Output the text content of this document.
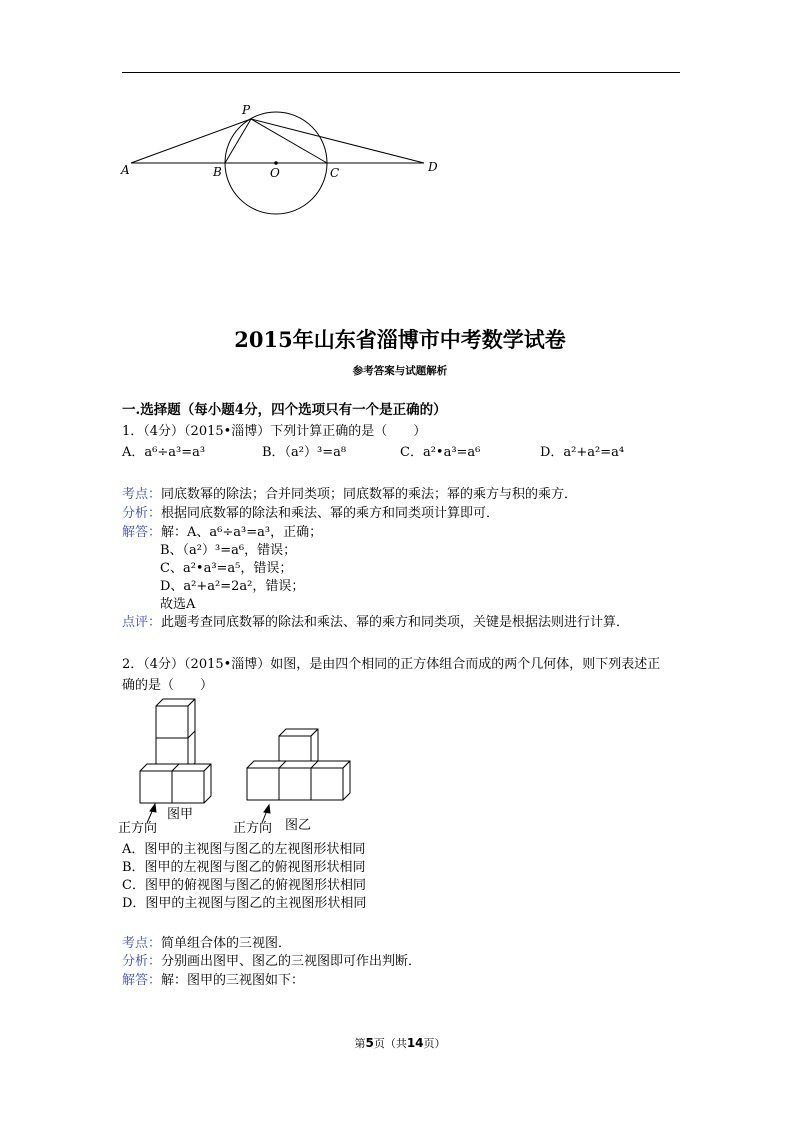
A	B	O	C	D
P
2015年山东省淄博市中考数学试卷
参考答案与试题解析
一.选择题（每小题4分，四个选项只有一个是正确的）
1．（4分）（2015•淄博）下列计算正确的是（　　）
A．a⁶÷a³=a³	B．（a²）³=a⁸	C．a²•a³=a⁶	D．a²+a²=a⁴
考点：同底数幂的除法；合并同类项；同底数幂的乘法；幂的乘方与积的乘方．
分析：根据同底数幂的除法和乘法、幂的乘方和同类项计算即可．
解答：解：A、a⁶÷a³=a³，正确；
B、（a²）³=a⁶，错误；
C、a²•a³=a⁵，错误；
D、a²+a²=2a²，错误；
故选A
点评：此题考查同底数幂的除法和乘法、幂的乘方和同类项，关键是根据法则进行计算．
2．（4分）（2015•淄博）如图，是由四个相同的正方体组合而成的两个几何体，则下列表述正
确的是（　　）
正方向
图甲
正方向 图乙
A．图甲的主视图与图乙的左视图形状相同
B．图甲的左视图与图乙的俯视图形状相同
C．图甲的俯视图与图乙的俯视图形状相同
D．图甲的主视图与图乙的主视图形状相同
考点：简单组合体的三视图．
分析：分别画出图甲、图乙的三视图即可作出判断．
解答：解：图甲的三视图如下：
第5页（共14页）
